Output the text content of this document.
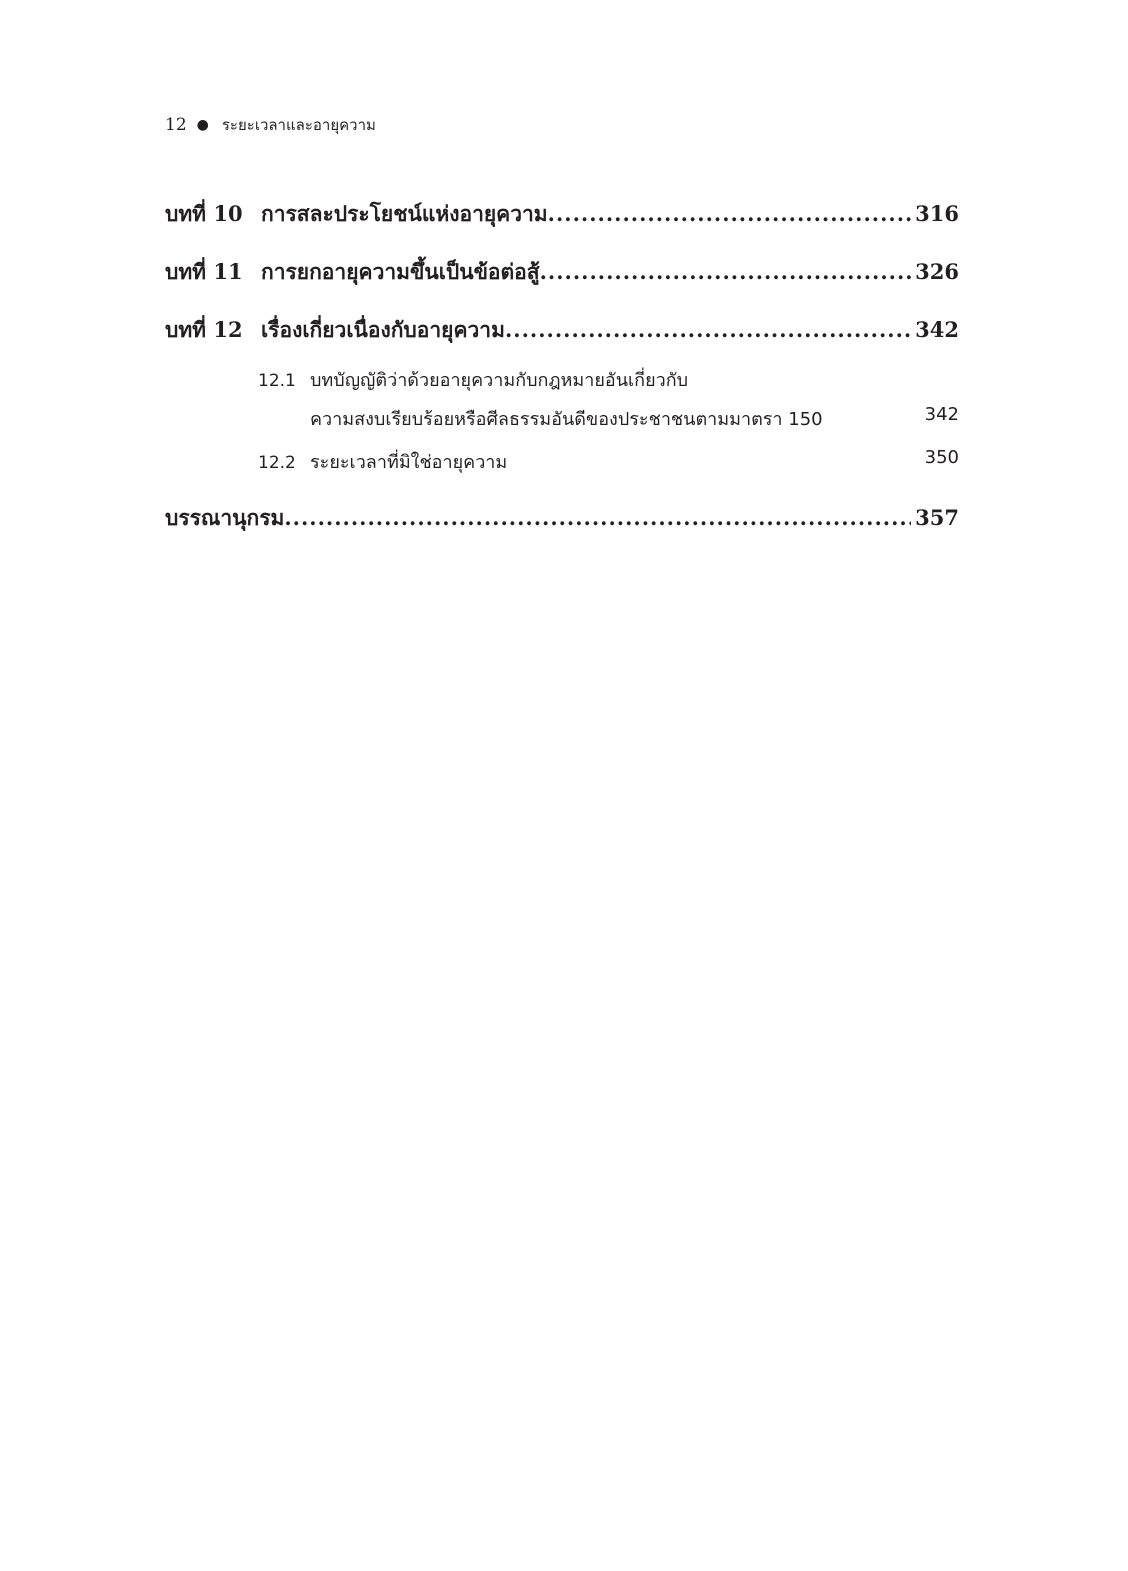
12 ● ระยะเวลาและอายุความ
บทที่ 10 การสละประโยชน์แห่งอายุความ .....	316
บทที่ 11 การยกอายุความขึ้นเป็นข้อต่อสู้ .....	326
บทที่ 12 เรื่องเกี่ยวเนื่องกับอายุความ .....	342
12.1 บทบัญญัติว่าด้วยอายุความกับกฎหมายอันเกี่ยวกับ
ความสงบเรียบร้อยหรือศีลธรรมอันดีของประชาชนตามมาตรา 150	342
12.2 ระยะเวลาที่มิใช่อายุความ	350
บรรณานุกรม .....	357
